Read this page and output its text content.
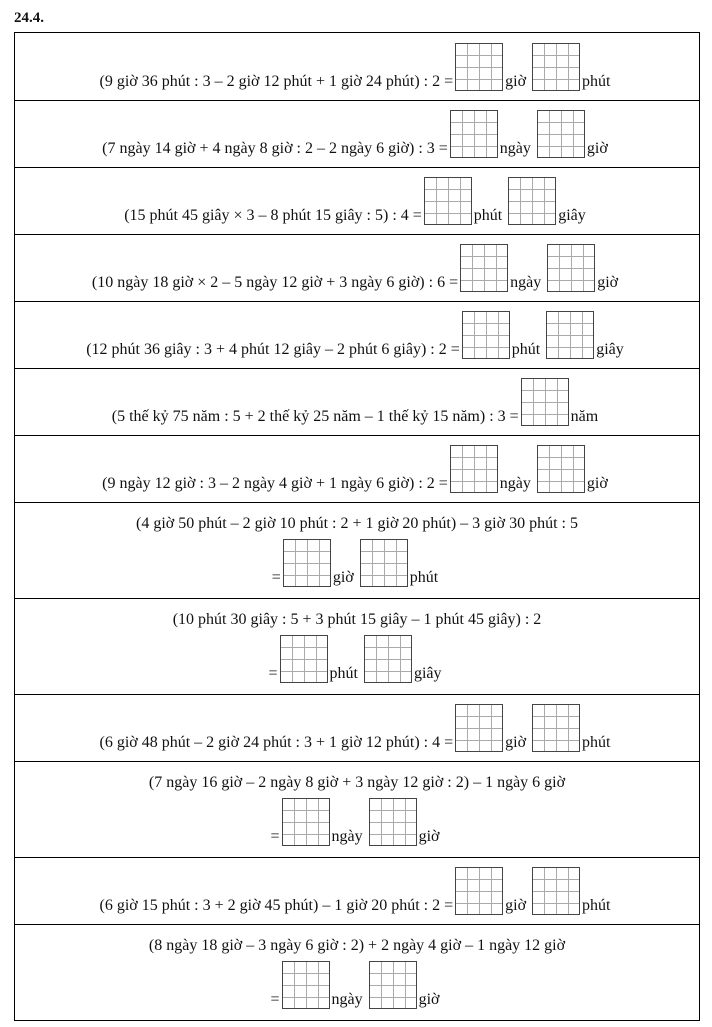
24.4.
(9 giờ 36 phút : 3 – 2 giờ 12 phút + 1 giờ 24 phút) : 2 =	giờ	phút
(7 ngày 14 giờ + 4 ngày 8 giờ : 2 – 2 ngày 6 giờ) : 3 =	ngày	giờ
(15 phút 45 giây × 3 – 8 phút 15 giây : 5) : 4 =	phút	giây
(10 ngày 18 giờ × 2 – 5 ngày 12 giờ + 3 ngày 6 giờ) : 6 =	ngày	giờ
(12 phút 36 giây : 3 + 4 phút 12 giây – 2 phút 6 giây) : 2 =	phút	giây
(5 thế kỷ 75 năm : 5 + 2 thế kỷ 25 năm – 1 thế kỷ 15 năm) : 3 =	năm
(9 ngày 12 giờ : 3 – 2 ngày 4 giờ + 1 ngày 6 giờ) : 2 =	ngày	giờ
(4 giờ 50 phút – 2 giờ 10 phút : 2 + 1 giờ 20 phút) – 3 giờ 30 phút : 5
=	giờ	phút
(10 phút 30 giây : 5 + 3 phút 15 giây – 1 phút 45 giây) : 2
=	phút	giây
(6 giờ 48 phút – 2 giờ 24 phút : 3 + 1 giờ 12 phút) : 4 =	giờ	phút
(7 ngày 16 giờ – 2 ngày 8 giờ + 3 ngày 12 giờ : 2) – 1 ngày 6 giờ
=	ngày	giờ
(6 giờ 15 phút : 3 + 2 giờ 45 phút) – 1 giờ 20 phút : 2 =	giờ	phút
(8 ngày 18 giờ – 3 ngày 6 giờ : 2) + 2 ngày 4 giờ – 1 ngày 12 giờ
=	ngày	giờ
